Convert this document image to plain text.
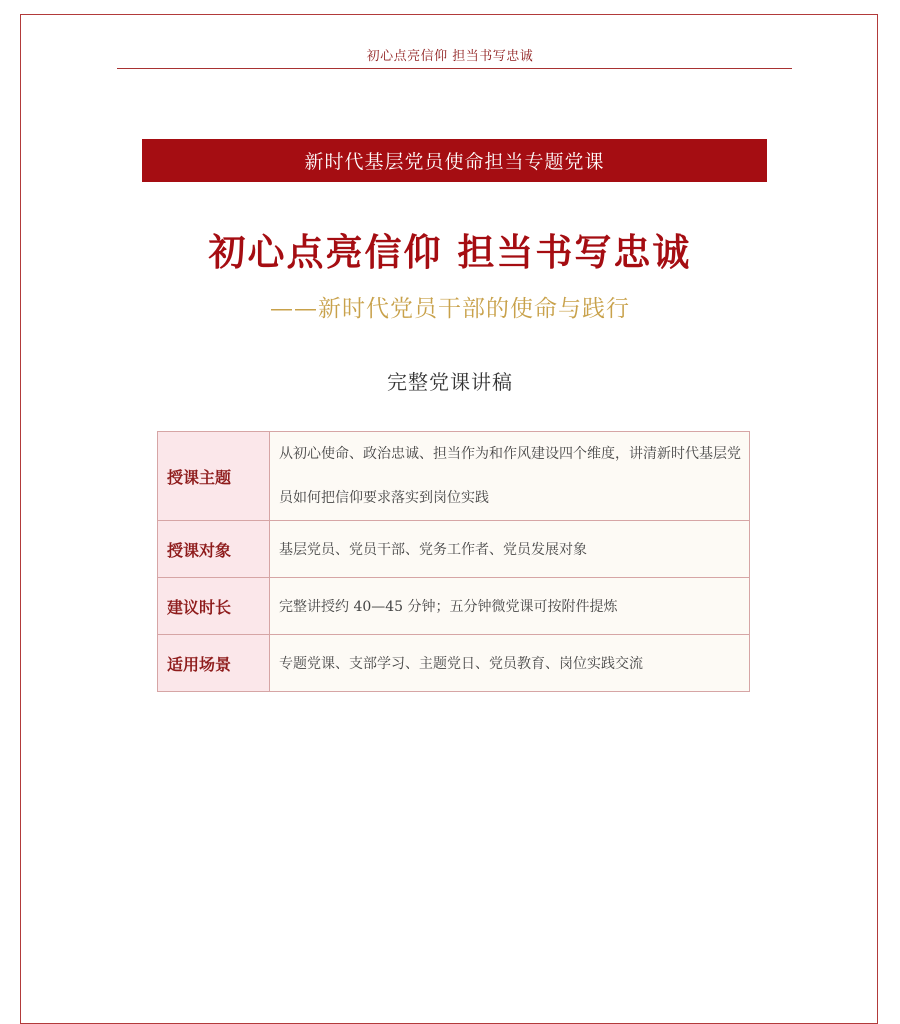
初心点亮信仰 担当书写忠诚
新时代基层党员使命担当专题党课
初心点亮信仰 担当书写忠诚
——新时代党员干部的使命与践行
完整党课讲稿
授课主题	从初心使命、政治忠诚、担当作为和作风建设四个维度，讲清新时代基层党员如何把信仰要求落实到岗位实践
授课对象	基层党员、党员干部、党务工作者、党员发展对象
建议时长	完整讲授约 40—45 分钟；五分钟微党课可按附件提炼
适用场景	专题党课、支部学习、主题党日、党员教育、岗位实践交流
